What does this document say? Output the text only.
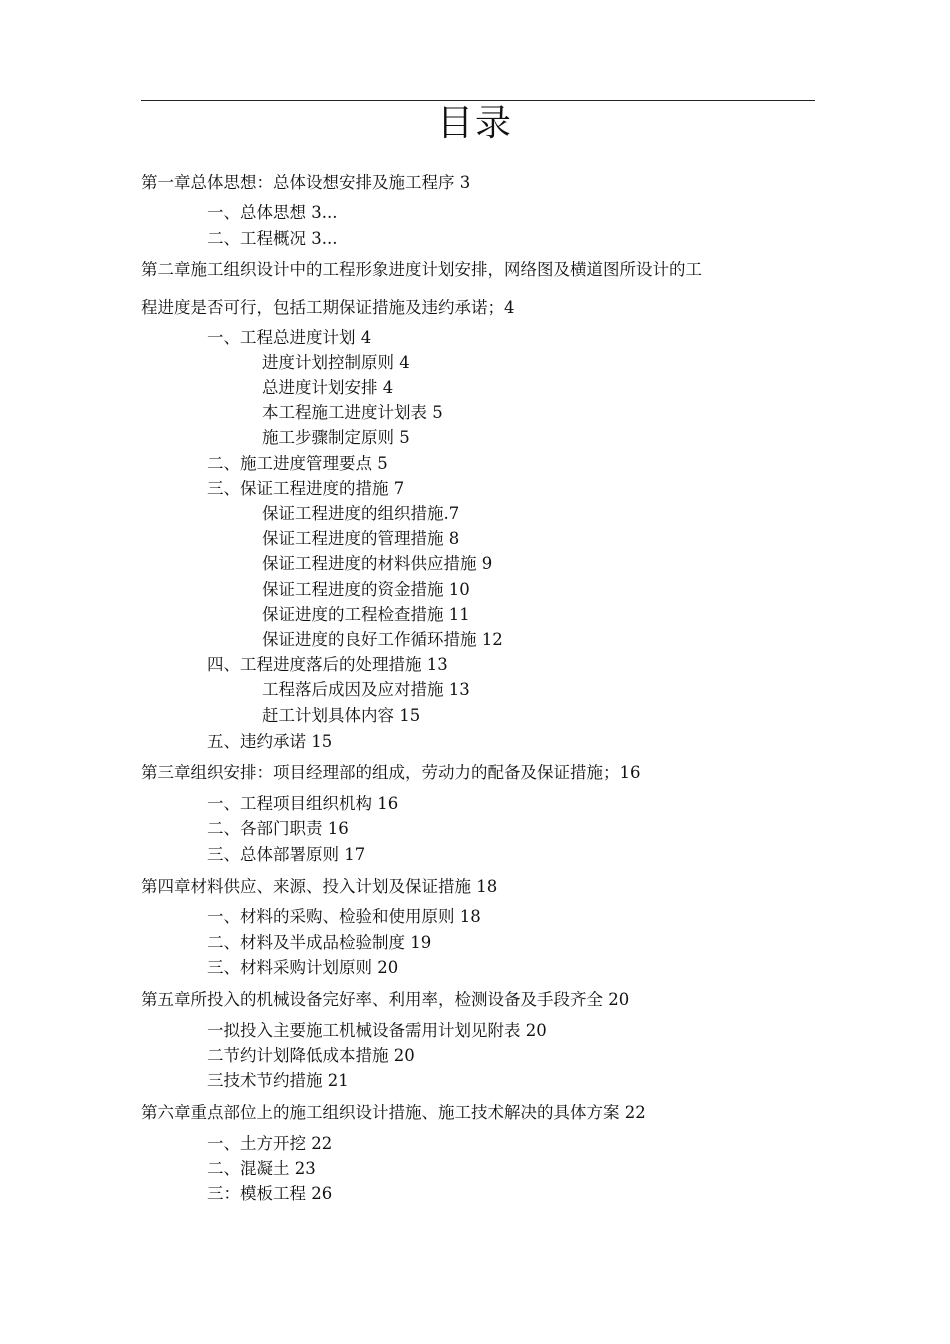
目录
第一章总体思想：总体设想安排及施工程序 3
一、总体思想 3...
二、工程概况 3...
第二章施工组织设计中的工程形象进度计划安排，网络图及横道图所设计的工
程进度是否可行，包括工期保证措施及违约承诺；4
一、工程总进度计划 4
进度计划控制原则 4
总进度计划安排 4
本工程施工进度计划表 5
施工步骤制定原则 5
二、施工进度管理要点 5
三、保证工程进度的措施 7
保证工程进度的组织措施.7
保证工程进度的管理措施 8
保证工程进度的材料供应措施 9
保证工程进度的资金措施 10
保证进度的工程检查措施 11
保证进度的良好工作循环措施 12
四、工程进度落后的处理措施 13
工程落后成因及应对措施 13
赶工计划具体内容 15
五、违约承诺 15
第三章组织安排：项目经理部的组成，劳动力的配备及保证措施；16
一、工程项目组织机构 16
二、各部门职责 16
三、总体部署原则 17
第四章材料供应、来源、投入计划及保证措施 18
一、材料的采购、检验和使用原则 18
二、材料及半成品检验制度 19
三、材料采购计划原则 20
第五章所投入的机械设备完好率、利用率，检测设备及手段齐全 20
一拟投入主要施工机械设备需用计划见附表 20
二节约计划降低成本措施 20
三技术节约措施 21
第六章重点部位上的施工组织设计措施、施工技术解决的具体方案 22
一、土方开挖 22
二、混凝土 23
三：模板工程 26
